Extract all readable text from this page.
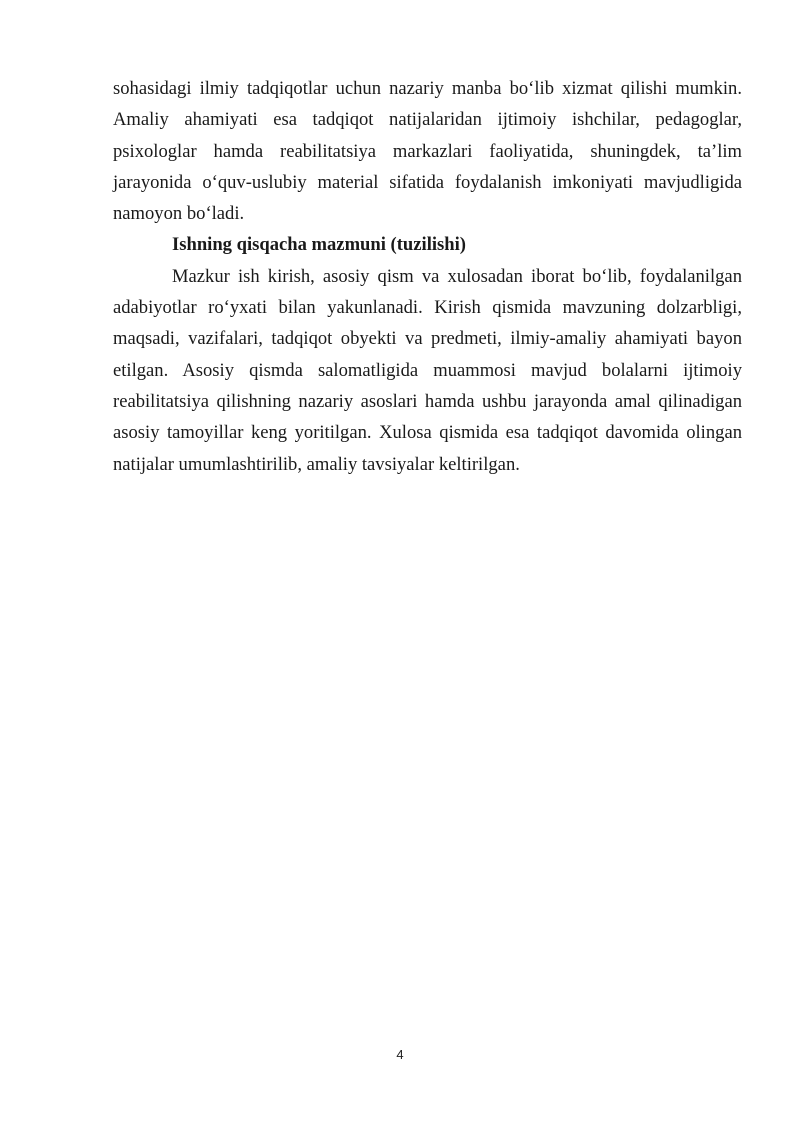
sohasidagi ilmiy tadqiqotlar uchun nazariy manba boʻlib xizmat qilishi mumkin. Amaliy ahamiyati esa tadqiqot natijalaridan ijtimoiy ishchilar, pedagoglar, psixologlar hamda reabilitatsiya markazlari faoliyatida, shuningdek, ta’lim jarayonida oʻquv-uslubiy material sifatida foydalanish imkoniyati mavjudligida namoyon boʻladi.

Ishning qisqacha mazmuni (tuzilishi)

Mazkur ish kirish, asosiy qism va xulosadan iborat boʻlib, foydalanilgan adabiyotlar roʻyxati bilan yakunlanadi. Kirish qismida mavzuning dolzarbligi, maqsadi, vazifalari, tadqiqot obyekti va predmeti, ilmiy-amaliy ahamiyati bayon etilgan. Asosiy qismda salomatligida muammosi mavjud bolalarni ijtimoiy reabilitatsiya qilishning nazariy asoslari hamda ushbu jarayonda amal qilinadigan asosiy tamoyillar keng yoritilgan. Xulosa qismida esa tadqiqot davomida olingan natijalar umumlashtirilib, amaliy tavsiyalar keltirilgan.

4
